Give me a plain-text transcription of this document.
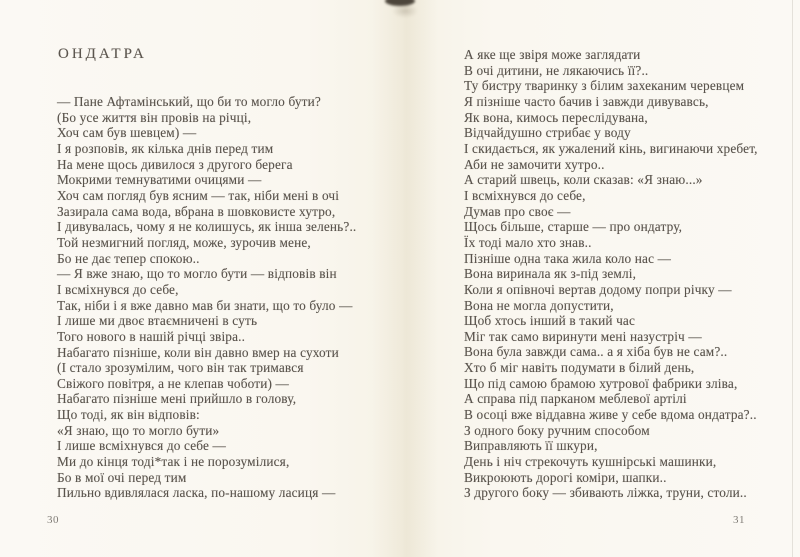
ОНДАТРА
— Пане Афтамінський, що би то могло бути?
(Бо усе життя він провів на річці,
Хоч сам був шевцем) —
І я розповів, як кілька днів перед тим
На мене щось дивилося з другого берега
Мокрими темнуватими очицями —
Хоч сам погляд був ясним — так, ніби мені в очі
Зазирала сама вода, вбрана в шовковисте хутро,
І дивувалась, чому я не колишусь, як інша зелень?..
Той незмигний погляд, може, зурочив мене,
Бо не дає тепер спокою..
— Я вже знаю, що то могло бути — відповів він
І всміхнувся до себе,
Так, ніби і я вже давно мав би знати, що то було —
І лише ми двоє втаємничені в суть
Того нового в нашій річці звіра..
Набагато пізніше, коли він давно вмер на сухоти
(І стало зрозумілим, чого він так тримався
Свіжого повітря, а не клепав чоботи) —
Набагато пізніше мені прийшло в голову,
Що тоді, як він відповів:
«Я знаю, що то могло бути»
І лише всміхнувся до себе —
Ми до кінця тоді*так і не порозумілися,
Бо в мої очі перед тим
Пильно вдивлялася ласка, по-нашому ласиця —
А яке ще звіря може заглядати
В очі дитини, не лякаючись її?..
Ту бистру тваринку з білим захеканим черевцем
Я пізніше часто бачив і завжди дивувавсь,
Як вона, кимось переслідувана,
Відчайдушно стрибає у воду
І скидається, як ужалений кінь, вигинаючи хребет,
Аби не замочити хутро..
А старий швець, коли сказав: «Я знаю...»
І всміхнувся до себе,
Думав про своє —
Щось більше, старше — про ондатру,
Їх тоді мало хто знав..
Пізніше одна така жила коло нас —
Вона виринала як з-під землі,
Коли я опівночі вертав додому попри річку —
Вона не могла допустити,
Щоб хтось інший в такий час
Міг так само виринути мені назустріч —
Вона була завжди сама.. а я хіба був не сам?..
Хто б міг навіть подумати в білий день,
Що під самою брамою хутрової фабрики зліва,
А справа під парканом меблевої артілі
В осоці вже віддавна живе у себе вдома ондатра?..
З одного боку ручним способом
Виправляють її шкури,
День і ніч стрекочуть кушнірські машинки,
Викроюють дорогі коміри, шапки..
З другого боку — збивають ліжка, труни, столи..
30	31
